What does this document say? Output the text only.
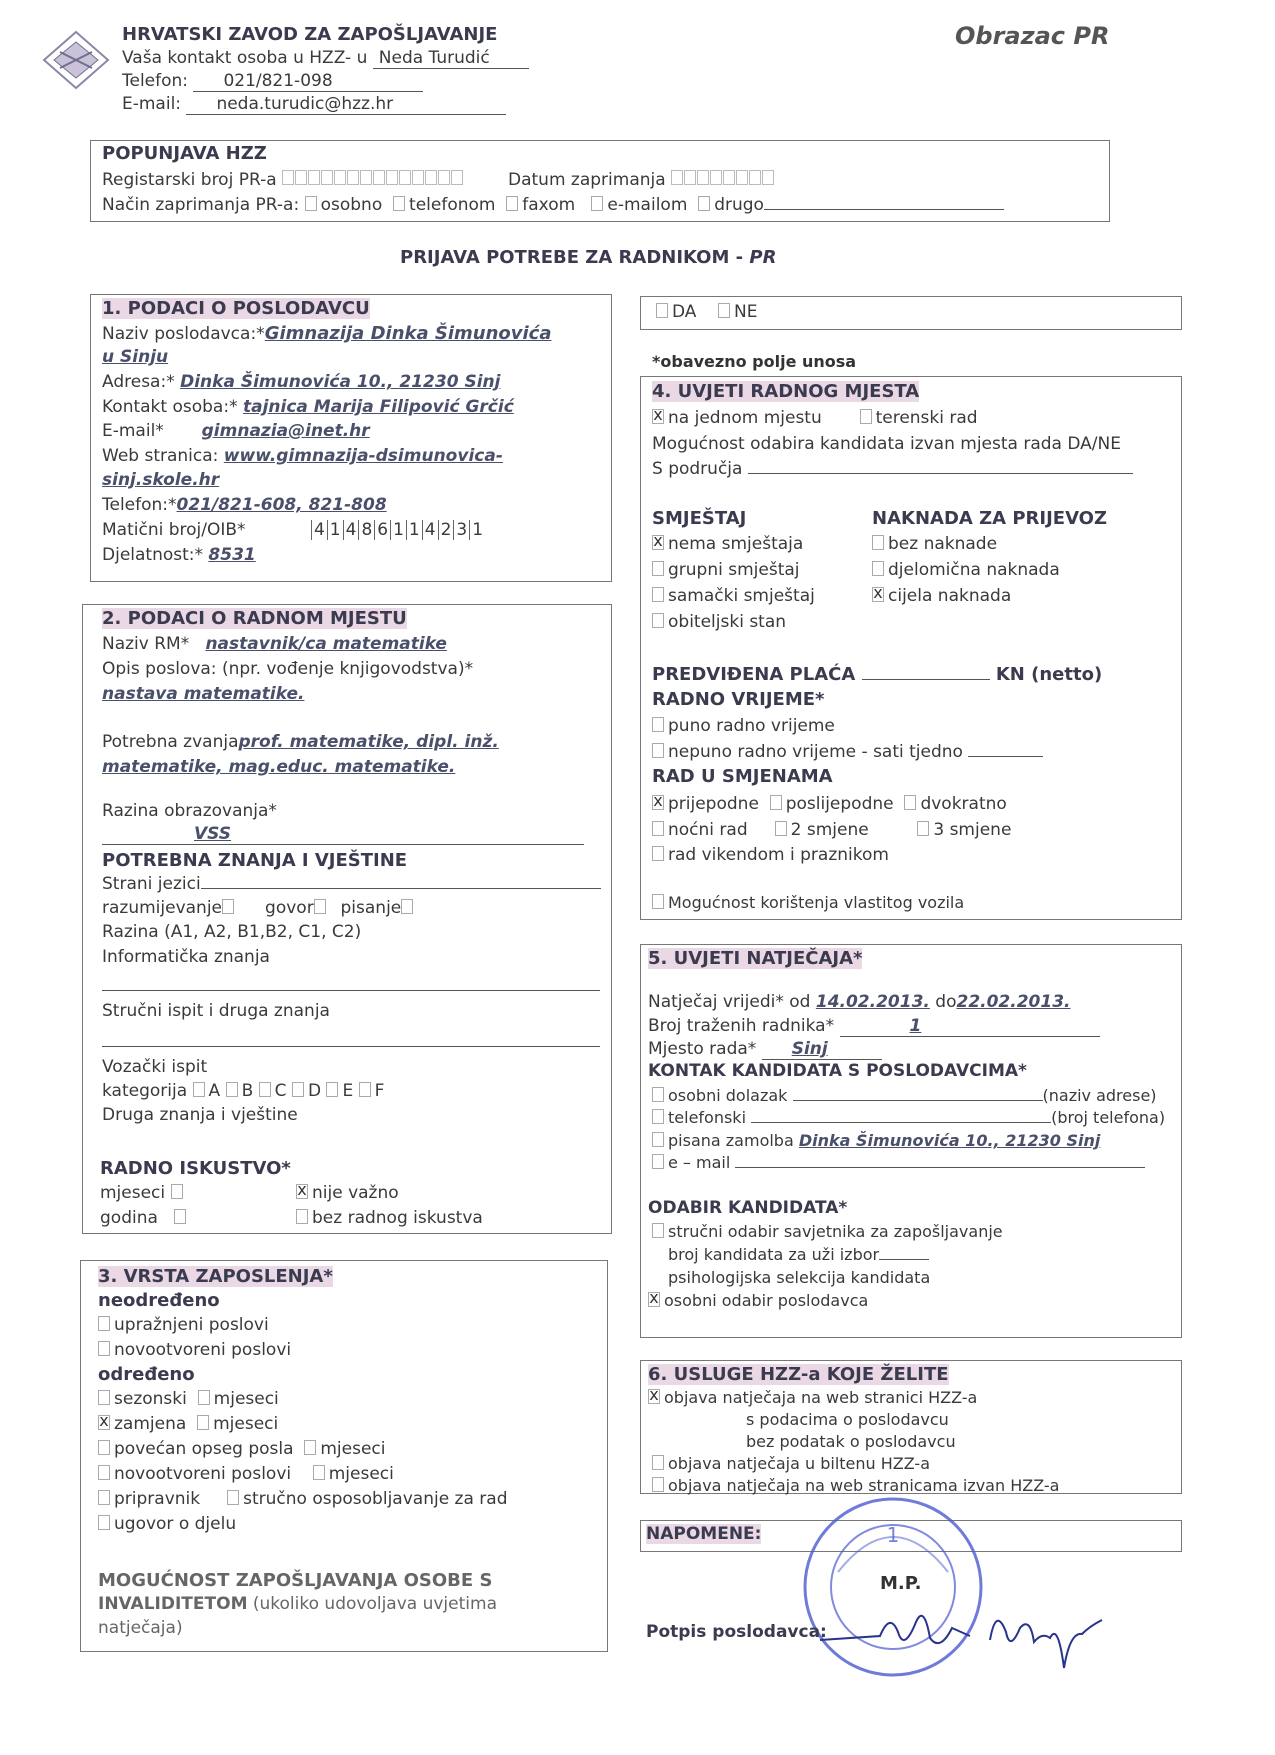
HRVATSKI ZAVOD ZA ZAPOŠLJAVANJE
Vaša kontakt osoba u HZZ- u Neda Turudić
Telefon: 021/821-098
E-mail: neda.turudic@hzz.hr
Obrazac PR
POPUNJAVA HZZ
Registarski broj PR-a	Datum zaprimanja
Način zaprimanja PR-a: osobno telefonom faxom e-mailom drugo
PRIJAVA POTREBE ZA RADNIKOM - PR
1. PODACI O POSLODAVCU
Naziv poslodavca:*Gimnazija Dinka Šimunovića
u Sinju
Adresa:* Dinka Šimunovića 10., 21230 Sinj
Kontakt osoba:* tajnica Marija Filipović Grčić
E-mail* gimnazia@inet.hr
Web stranica: www.gimnazija-dsimunovica-
sinj.skole.hr
Telefon:*021/821-608, 821-808
Matični broj/OIB*	4 1 4 8 6 1 1 4 2 3 1
Djelatnost:* 8531
DA NE
*obavezno polje unosa
2. PODACI O RADNOM MJESTU
Naziv RM* nastavnik/ca matematike
Opis poslova: (npr. vođenje knjigovodstva)*
nastava matematike.
Potrebna zvanjaprof. matematike, dipl. inž.
matematike, mag.educ. matematike.
Razina obrazovanja*
VSS
POTREBNA ZNANJA I VJEŠTINE
Strani jezici
razumijevanje	govor pisanje
Razina (A1, A2, B1,B2, C1, C2)
Informatička znanja
Stručni ispit i druga znanja
Vozački ispit
kategorija A B C D E F
Druga znanja i vještine
RADNO ISKUSTVO*
mjeseci
x	nije važno
godina	bez radnog iskustva
3. VRSTA ZAPOSLENJA*
neodređeno
upražnjeni poslovi
novootvoreni poslovi
određeno
sezonski mjeseci
xzamjena mjeseci
povećan opseg posla mjeseci
novootvoreni poslovi mjeseci
pripravnik	stručno osposobljavanje za rad
ugovor o djelu
MOGUĆNOST ZAPOŠLJAVANJA OSOBE S
INVALIDITETOM (ukoliko udovoljava uvjetima
natječaja)
4. UVJETI RADNOG MJESTA
xna jednom mjestu	terenski rad
Mogućnost odabira kandidata izvan mjesta rada DA/NE
S područja
SMJEŠTAJ
xnema smještaja
grupni smještaj
samački smještaj
obiteljski stan
NAKNADA ZA PRIJEVOZ
bez naknade
djelomična naknada
xcijela naknada
PREDVIĐENA PLAĆA	KN (netto)
RADNO VRIJEME*
puno radno vrijeme
nepuno radno vrijeme - sati tjedno
RAD U SMJENAMA
xprijepodne poslijepodne dvokratno
noćni rad	2 smjene	3 smjene
rad vikendom i praznikom
Mogućnost korištenja vlastitog vozila
5. UVJETI NATJEČAJA*
Natječaj vrijedi* od 14.02.2013. do22.02.2013.
Broj traženih radnika*	1
Mjesto rada* Sinj
KONTAK KANDIDATA S POSLODAVCIMA*
osobni dolazak	(naziv adrese)
telefonski	(broj telefona)
pisana zamolba Dinka Šimunovića 10., 21230 Sinj
e – mail
ODABIR KANDIDATA*
stručni odabir savjetnika za zapošljavanje
broj kandidata za uži izbor
psihologijska selekcija kandidata
xosobni odabir poslodavca
6. USLUGE HZZ-a KOJE ŽELITE
xobjava natječaja na web stranici HZZ-a
s podacima o poslodavcu
bez podatak o poslodavcu
objava natječaja u biltenu HZZ-a
objava natječaja na web stranicama izvan HZZ-a
NAPOMENE:	1
M.P.
Potpis poslodavca:
